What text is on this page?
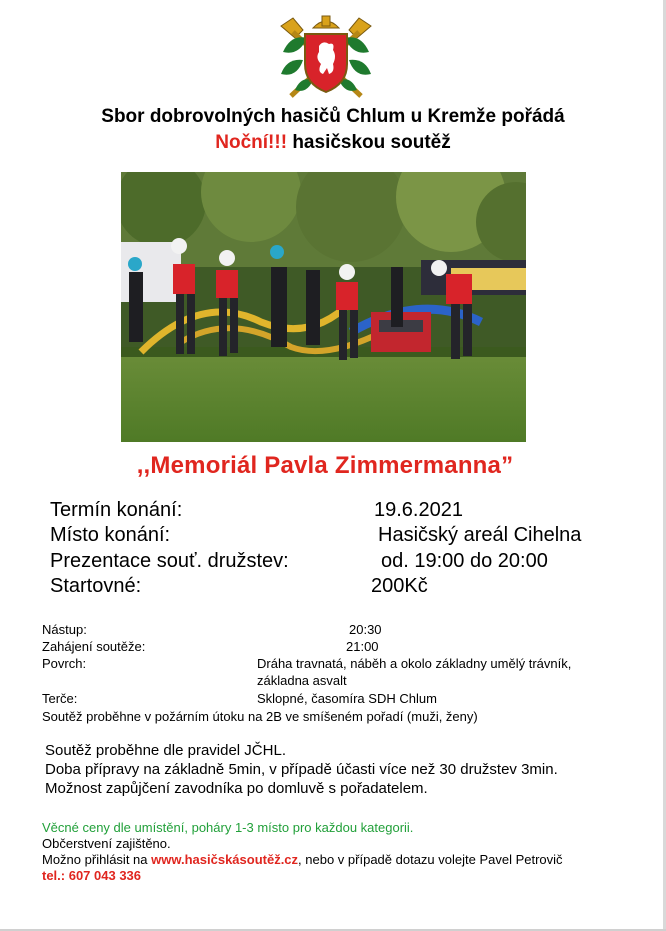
Sbor dobrovolných hasičů Chlum u Kremže pořádá
Noční!!! hasičskou soutěž
,,Memoriál Pavla Zimmermanna”
Termín konání:	19.6.2021
Místo konání:	Hasičský areál Cihelna
Prezentace souť. družstev:	od. 19:00 do 20:00
Startovné:	200Kč
Nástup:	20:30
Zahájení soutěže:	21:00
Povrch:	Dráha travnatá, náběh a okolo základny umělý trávník,
základna asvalt
Terče:	Sklopné, časomíra SDH Chlum
Soutěž proběhne v požárním útoku na 2B ve smíšeném pořadí (muži, ženy)
Soutěž proběhne dle pravidel JČHL.
Doba přípravy na základně 5min, v případě účasti více než 30 družstev 3min.
Možnost zapůjčení zavodníka po domluvě s pořadatelem.
Věcné ceny dle umístění, poháry 1-3 místo pro každou kategorii.
Občerstvení zajištěno.
Možno přihlásit na www.hasičskásoutěž.cz, nebo v případě dotazu volejte Pavel Petrovič
tel.: 607 043 336
